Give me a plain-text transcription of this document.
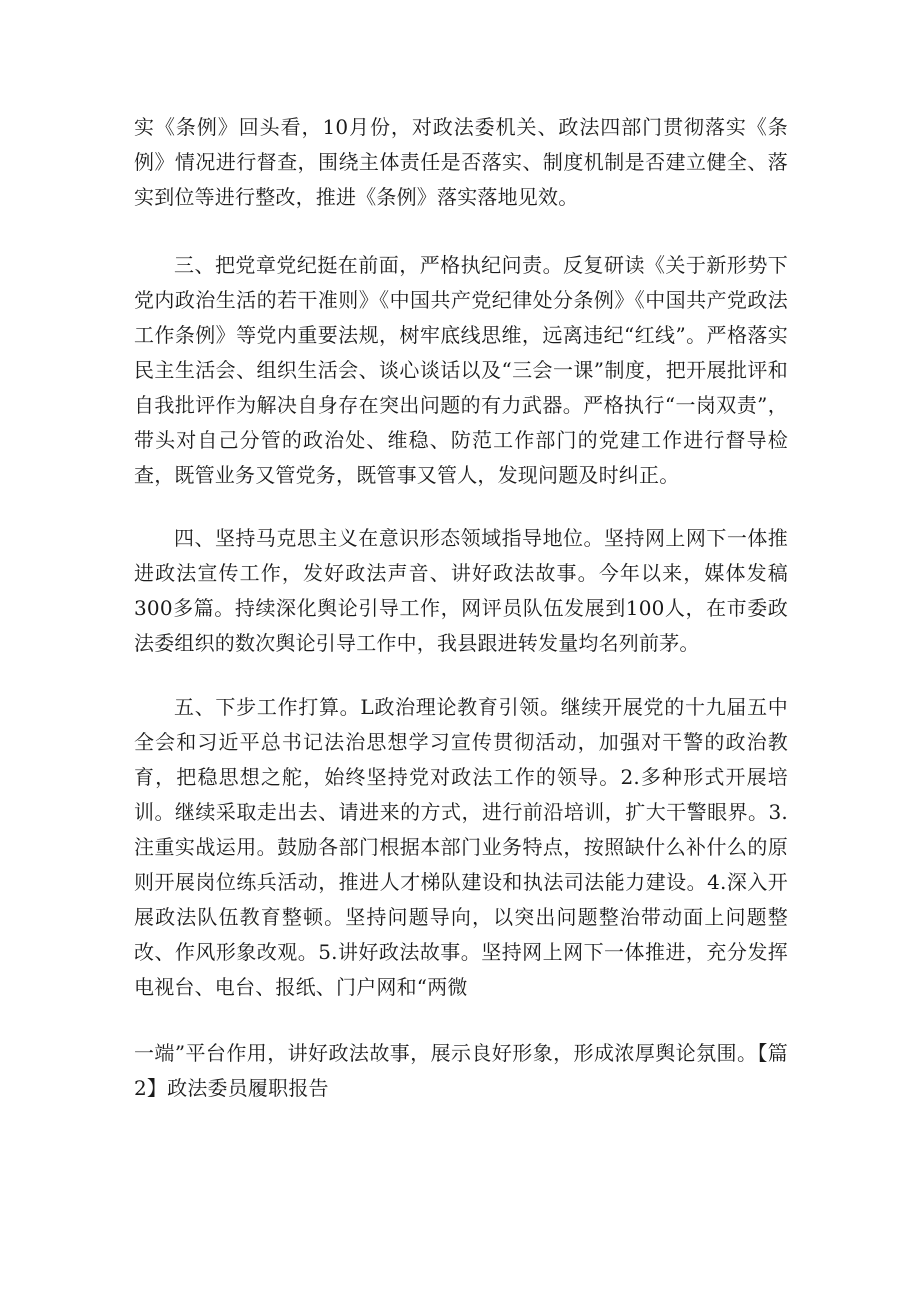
实《条例》回头看，10月份，对政法委机关、政法四部门贯彻落实《条例》情况进行督查，围绕主体责任是否落实、制度机制是否建立健全、落实到位等进行整改，推进《条例》落实落地见效。

三、把党章党纪挺在前面，严格执纪问责。反复研读《关于新形势下党内政治生活的若干准则》《中国共产党纪律处分条例》《中国共产党政法工作条例》等党内重要法规，树牢底线思维，远离违纪“红线”。严格落实民主生活会、组织生活会、谈心谈话以及“三会一课”制度，把开展批评和自我批评作为解决自身存在突出问题的有力武器。严格执行“一岗双责”，带头对自己分管的政治处、维稳、防范工作部门的党建工作进行督导检查，既管业务又管党务，既管事又管人，发现问题及时纠正。

四、坚持马克思主义在意识形态领域指导地位。坚持网上网下一体推进政法宣传工作，发好政法声音、讲好政法故事。今年以来，媒体发稿300多篇。持续深化舆论引导工作，网评员队伍发展到100人，在市委政法委组织的数次舆论引导工作中，我县跟进转发量均名列前茅。

五、下步工作打算。L政治理论教育引领。继续开展党的十九届五中全会和习近平总书记法治思想学习宣传贯彻活动，加强对干警的政治教育，把稳思想之舵，始终坚持党对政法工作的领导。2.多种形式开展培训。继续采取走出去、请进来的方式，进行前沿培训，扩大干警眼界。3.注重实战运用。鼓励各部门根据本部门业务特点，按照缺什么补什么的原则开展岗位练兵活动，推进人才梯队建设和执法司法能力建设。4.深入开展政法队伍教育整顿。坚持问题导向，以突出问题整治带动面上问题整改、作风形象改观。5.讲好政法故事。坚持网上网下一体推进，充分发挥电视台、电台、报纸、门户网和“两微

一端”平台作用，讲好政法故事，展示良好形象，形成浓厚舆论氛围。【篇2】政法委员履职报告
